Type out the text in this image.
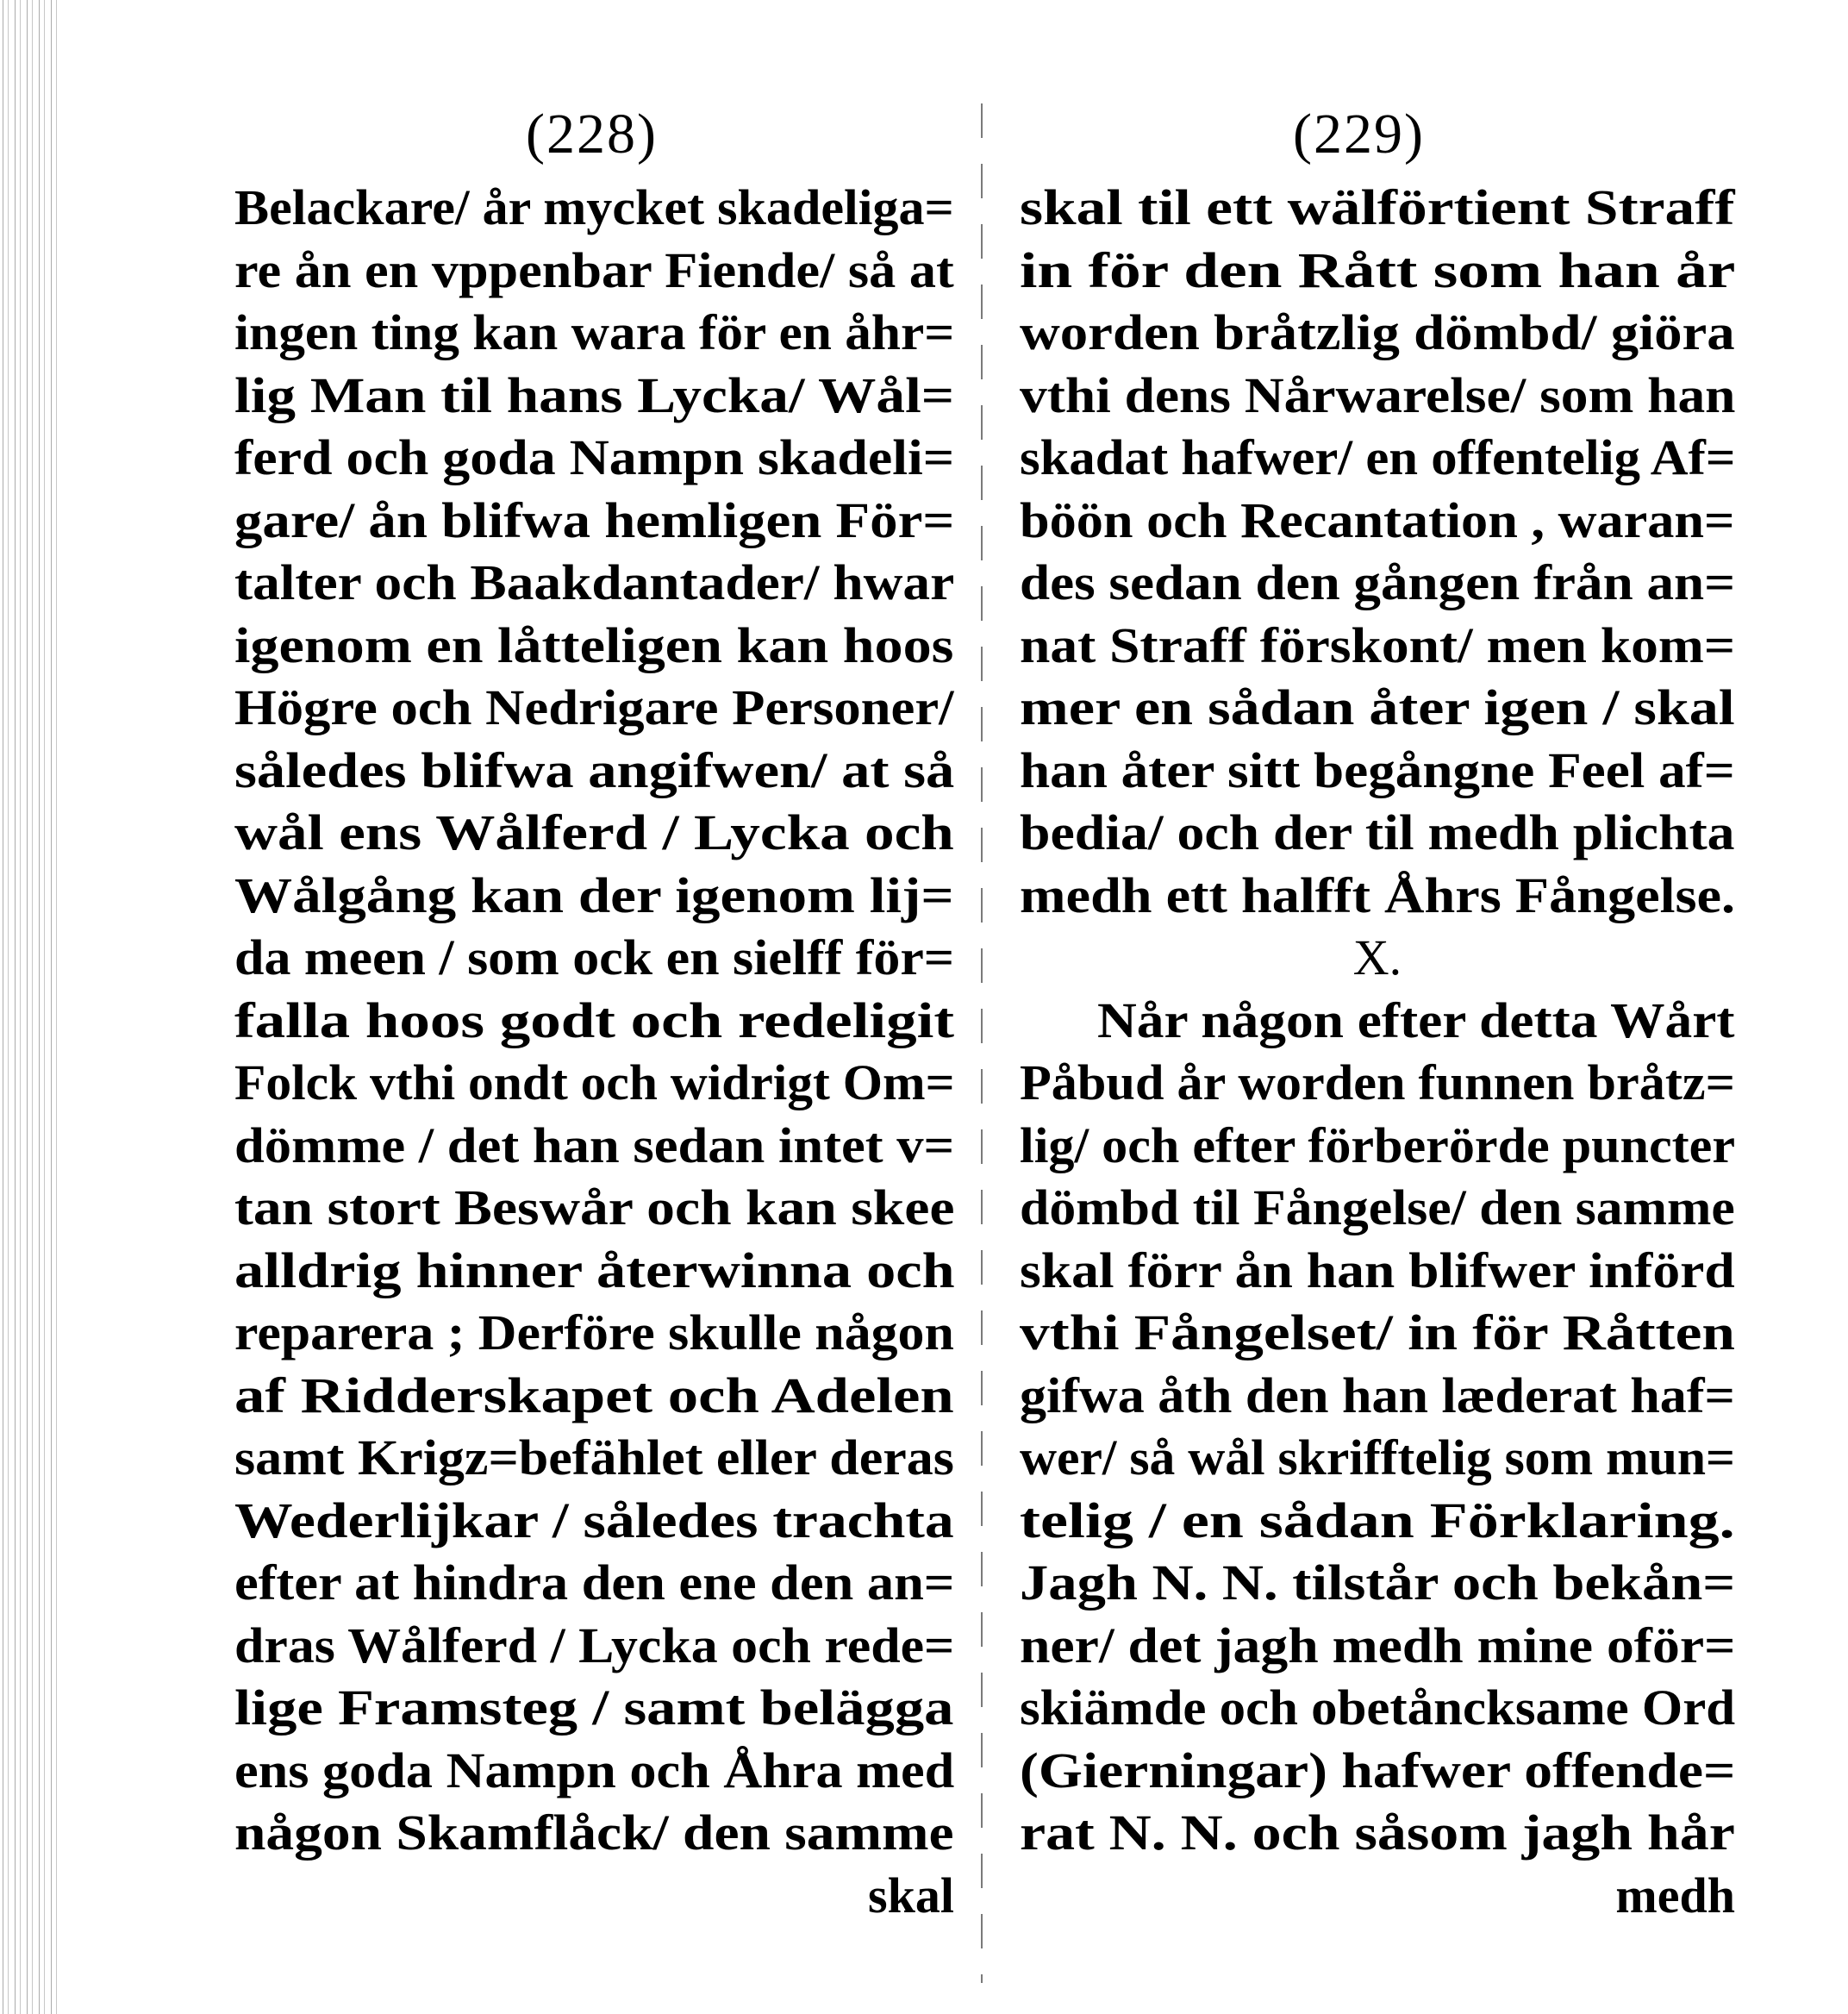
(228)	(229)
Belackare/ år mycket skadeliga=
re ån en vppenbar Fiende/ så at
ingen ting kan wara för en åhr=
lig Man til hans Lycka/ Wål=
ferd och goda Nampn skadeli=
gare/ ån blifwa hemligen För=
talter och Baakdantader/ hwar
igenom en låtteligen kan hoos
Högre och Nedrigare Personer/
således blifwa angifwen/ at så
wål ens Wålferd / Lycka och
Wålgång kan der igenom lij=
da meen / som ock en sielff för=
falla hoos godt och redeligit
Folck vthi ondt och widrigt Om=
dömme / det han sedan intet v=
tan stort Beswår och kan skee
alldrig hinner återwinna och
reparera ; Derföre skulle någon
af Ridderskapet och Adelen
samt Krigz=befählet eller deras
Wederlijkar / således trachta
efter at hindra den ene den an=
dras Wålferd / Lycka och rede=
lige Framsteg / samt belägga
ens goda Nampn och Åhra med
någon Skamflåck/ den samme
skal
skal til ett wälförtient Straff
in för den Rått som han år
worden bråtzlig dömbd/ giöra
vthi dens Nårwarelse/ som han
skadat hafwer/ en offentelig Af=
böön och Recantation , waran=
des sedan den gången från an=
nat Straff förskont/ men kom=
mer en sådan åter igen / skal
han åter sitt begångne Feel af=
bedia/ och der til medh plichta
medh ett halfft Åhrs Fångelse.
X.
Når någon efter detta Wårt
Påbud år worden funnen bråtz=
lig/ och efter förberörde puncter
dömbd til Fångelse/ den samme
skal förr ån han blifwer införd
vthi Fångelset/ in för Råtten
gifwa åth den han læderat haf=
wer/ så wål skrifftelig som mun=
telig / en sådan Förklaring.
Jagh N. N. tilstår och bekån=
ner/ det jagh medh mine oför=
skiämde och obetåncksame Ord
(Gierningar) hafwer offende=
rat N. N. och såsom jagh hår
medh
